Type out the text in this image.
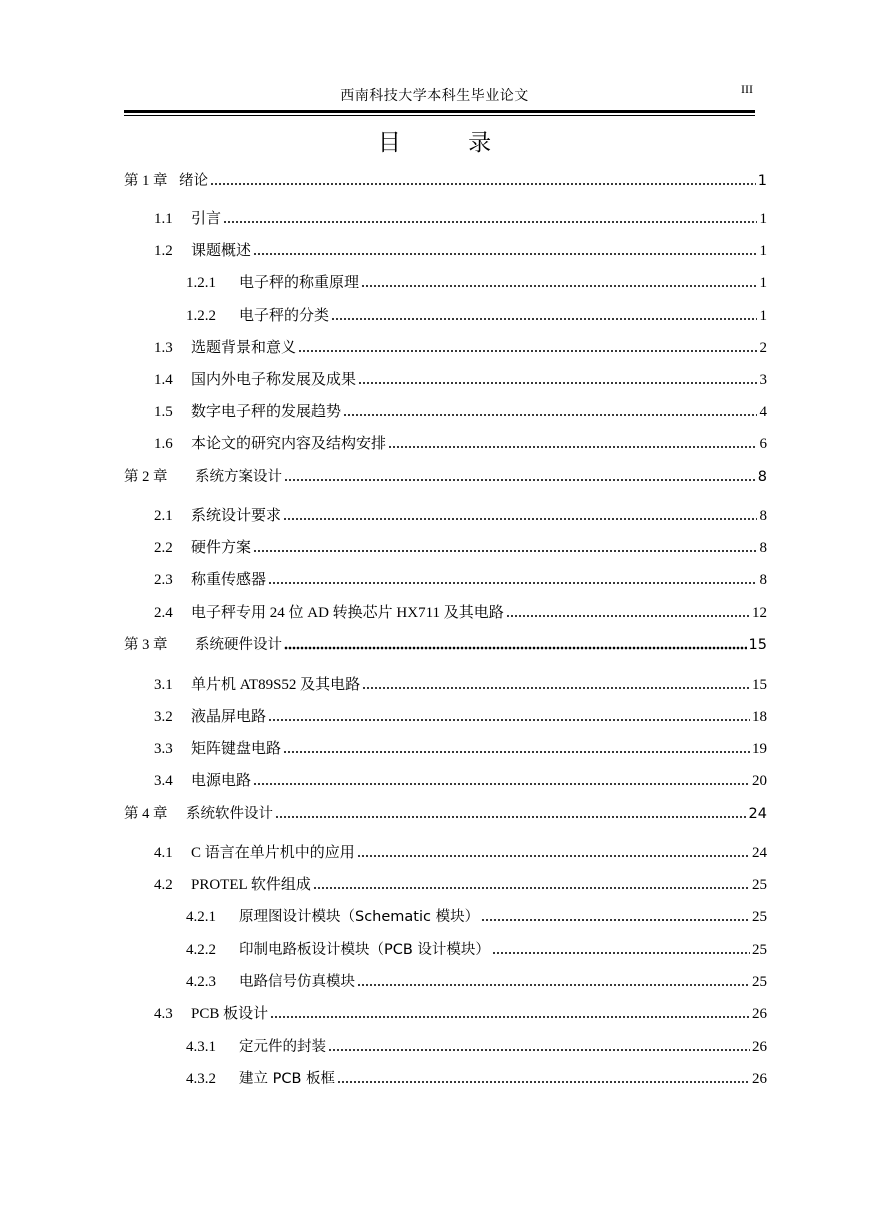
西南科技大学本科生毕业论文	III
目 录
第 1 章 绪论	1
1.1	引言	1
1.2	课题概述	1
1.2.1	电子秤的称重原理	1
1.2.2	电子秤的分类	1
1.3	选题背景和意义	2
1.4	国内外电子称发展及成果	3
1.5	数字电子秤的发展趋势	4
1.6	本论文的研究内容及结构安排	6
第 2 章	系统方案设计	8
2.1	系统设计要求	8
2.2	硬件方案	8
2.3	称重传感器	8
2.4	电子秤专用 24 位 AD 转换芯片 HX711 及其电路	12
第 3 章	系统硬件设计	15
3.1	单片机 AT89S52 及其电路	15
3.2	液晶屏电路	18
3.3	矩阵键盘电路	19
3.4	电源电路	20
第 4 章	系统软件设计	24
4.1	C 语言在单片机中的应用	24
4.2	PROTEL 软件组成	25
4.2.1	原理图设计模块（Schematic 模块）	25
4.2.2	印制电路板设计模块（PCB 设计模块）	25
4.2.3	电路信号仿真模块	25
4.3	PCB 板设计	26
4.3.1	定元件的封装	26
4.3.2	建立 PCB 板框	26
